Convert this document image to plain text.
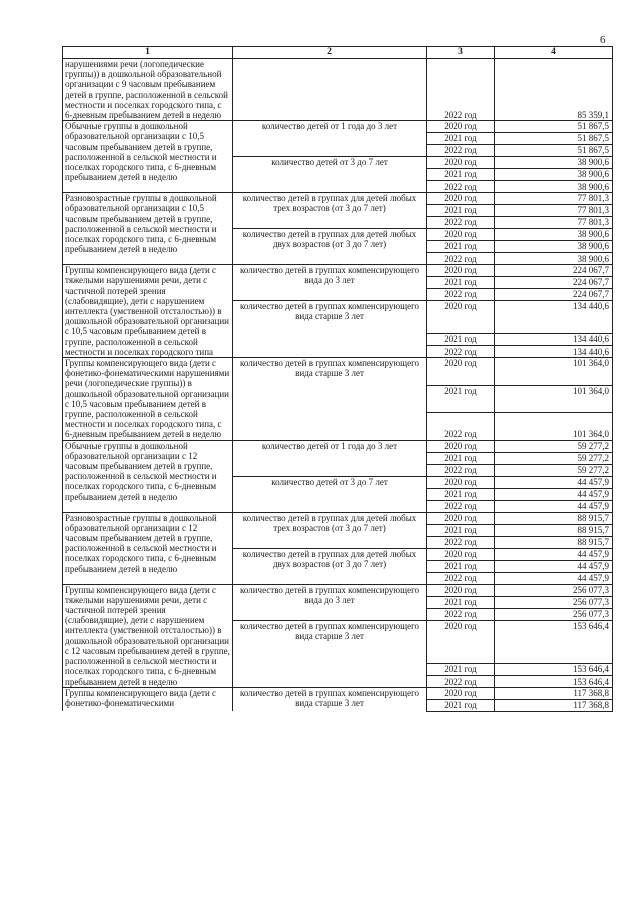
6
1	2	3	4
нарушениями речи (логопедические группы)) в дошкольной образовательной организации с 9 часовым пребыванием детей в группе, расположенной в сельской местности и поселках городского типа, с 6-дневным пребыванием детей в неделю		2022 год	85 359,1
Обычные группы в дошкольной образовательной организации с 10,5 часовым пребыванием детей в группе, расположенной в сельской местности и поселках городского типа, с 6-дневным пребыванием детей в неделю	количество детей от 1 года до 3 лет	2020 год	51 867,5
		2021 год	51 867,5
		2022 год	51 867,5
	количество детей от 3 до 7 лет	2020 год	38 900,6
		2021 год	38 900,6
		2022 год	38 900,6
Разновозрастные группы в дошкольной образовательной организации с 10,5 часовым пребыванием детей в группе, расположенной в сельской местности и поселках городского типа, с 6-дневным пребыванием детей в неделю	количество детей в группах для детей любых трех возрастов (от 3 до 7 лет)	2020 год	77 801,3
		2021 год	77 801,3
		2022 год	77 801,3
	количество детей в группах для детей любых двух возрастов (от 3 до 7 лет)	2020 год	38 900,6
		2021 год	38 900,6
		2022 год	38 900,6
Группы компенсирующего вида (дети с тяжелыми нарушениями речи, дети с частичной потерей зрения (слабовидящие), дети с нарушением интеллекта (умственной отсталостью)) в дошкольной образовательной организации с 10,5 часовым пребыванием детей в группе, расположенной в сельской местности и поселках городского типа	количество детей в группах компенсирующего вида до 3 лет	2020 год	224 067,7
		2021 год	224 067,7
		2022 год	224 067,7
	количество детей в группах компенсирующего вида старше 3 лет	2020 год	134 440,6
		2021 год	134 440,6
		2022 год	134 440,6
Группы компенсирующего вида (дети с фонетико-фонематическими нарушениями речи (логопедические группы)) в дошкольной образовательной организации с 10,5 часовым пребыванием детей в группе, расположенной в сельской местности и поселках городского типа, с 6-дневным пребыванием детей в неделю	количество детей в группах компенсирующего вида старше 3 лет	2020 год	101 364,0
		2021 год	101 364,0
		2022 год	101 364,0
Обычные группы в дошкольной образовательной организации с 12 часовым пребыванием детей в группе, расположенной в сельской местности и поселках городского типа, с 6-дневным пребыванием детей в неделю	количество детей от 1 года до 3 лет	2020 год	59 277,2
		2021 год	59 277,2
		2022 год	59 277,2
	количество детей от 3 до 7 лет	2020 год	44 457,9
		2021 год	44 457,9
		2022 год	44 457,9
Разновозрастные группы в дошкольной образовательной организации с 12 часовым пребыванием детей в группе, расположенной в сельской местности и поселках городского типа, с 6-дневным пребыванием детей в неделю	количество детей в группах для детей любых трех возрастов (от 3 до 7 лет)	2020 год	88 915,7
		2021 год	88 915,7
		2022 год	88 915,7
	количество детей в группах для детей любых двух возрастов (от 3 до 7 лет)	2020 год	44 457,9
		2021 год	44 457,9
		2022 год	44 457,9
Группы компенсирующего вида (дети с тяжелыми нарушениями речи, дети с частичной потерей зрения (слабовидящие), дети с нарушением интеллекта (умственной отсталостью)) в дошкольной образовательной организации с 12 часовым пребыванием детей в группе, расположенной в сельской местности и поселках городского типа, с 6-дневным пребыванием детей в неделю	количество детей в группах компенсирующего вида до 3 лет	2020 год	256 077,3
		2021 год	256 077,3
		2022 год	256 077,3
	количество детей в группах компенсирующего вида старше 3 лет	2020 год	153 646,4
		2021 год	153 646,4
		2022 год	153 646,4
Группы компенсирующего вида (дети с фонетико-фонематическими	количество детей в группах компенсирующего вида старше 3 лет	2020 год	117 368,8
		2021 год	117 368,8
